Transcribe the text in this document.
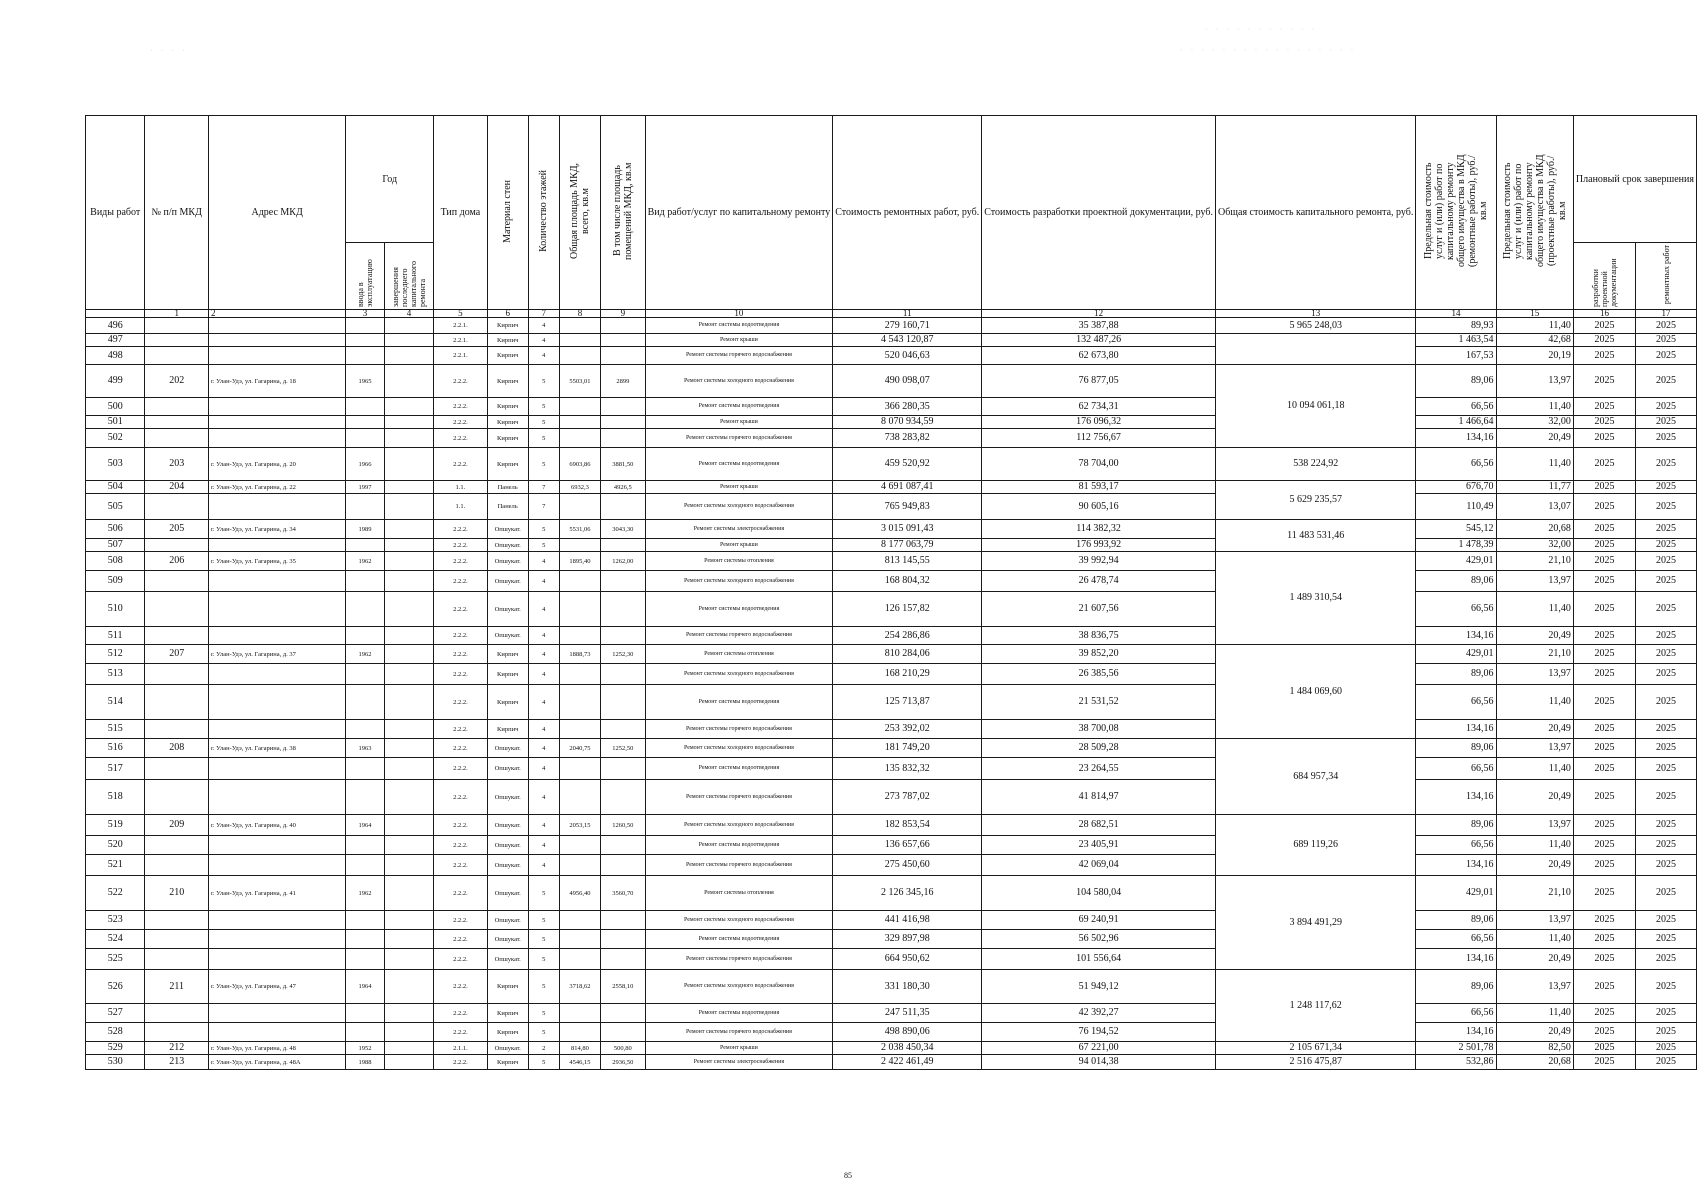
Виды работ	№ п/п МКД	Адрес МКД	Год		Тип дома	Материал стен	Количество этажей	Общая площадь МКД, всего, кв.м	В том числе площадь помещений МКД, кв.м	Вид работ/услуг по капитальному ремонту	Стоимость ремонтных работ, руб.	Стоимость разработки проектной документации, руб.	Общая стоимость капитального ремонта, руб.	Предельная стоимость услуг и (или) работ по капитальному ремонту общего имущества в МКД (ремонтные работы), руб./кв.м	Предельная стоимость услуг и (или) работ по капитальному ремонту общего имущества в МКД (проектные работы), руб./кв.м	Плановый срок завершения	
			ввода в эксплуатацию	завершения последнего капитального ремонта												разработки проектной документации	ремонтных работ
	1	2	3	4	5	6	7	8	9	10	11	12	13	14	15	16	17
496					2.2.1.	Кирпич	4			Ремонт системы водоотведения	279 160,71	35 387,88	5 965 248,03	89,93	11,40	2025	2025
497					2.2.1.	Кирпич	4			Ремонт крыши	4 543 120,87	132 487,26		1 463,54	42,68	2025	2025
498					2.2.1.	Кирпич	4			Ремонт системы горячего водоснабжения	520 046,63	62 673,80		167,53	20,19	2025	2025
499	202	г. Улан-Удэ, ул. Гагарина, д. 18	1965		2.2.2.	Кирпич	5	5503,01	2899	Ремонт системы холодного водоснабжения	490 098,07	76 877,05	10 094 061,18	89,06	13,97	2025	2025
500					2.2.2.	Кирпич	5			Ремонт системы водоотведения	366 280,35	62 734,31		66,56	11,40	2025	2025
501					2.2.2.	Кирпич	5			Ремонт крыши	8 070 934,59	176 096,32		1 466,64	32,00	2025	2025
502					2.2.2.	Кирпич	5			Ремонт системы горячего водоснабжения	738 283,82	112 756,67		134,16	20,49	2025	2025
503	203	г. Улан-Удэ, ул. Гагарина, д. 20	1966		2.2.2.	Кирпич	5	6903,86	3881,50	Ремонт системы водоотведения	459 520,92	78 704,00	538 224,92	66,56	11,40	2025	2025
504	204	г. Улан-Удэ, ул. Гагарина, д. 22	1997		1.1.	Панель	7	6932,3	4926,5	Ремонт крыши	4 691 087,41	81 593,17	5 629 235,57	676,70	11,77	2025	2025
505					1.1.	Панель	7			Ремонт системы холодного водоснабжения	765 949,83	90 605,16		110,49	13,07	2025	2025
506	205	г. Улан-Удэ, ул. Гагарина, д. 34	1989		2.2.2.	Опшукат.	5	5531,06	3043,30	Ремонт системы электроснабжения	3 015 091,43	114 382,32	11 483 531,46	545,12	20,68	2025	2025
507					2.2.2.	Опшукат.	5			Ремонт крыши	8 177 063,79	176 993,92		1 478,39	32,00	2025	2025
508	206	г. Улан-Удэ, ул. Гагарина, д. 35	1962		2.2.2.	Опшукат.	4	1895,40	1262,00	Ремонт системы отопления	813 145,55	39 992,94	1 489 310,54	429,01	21,10	2025	2025
509					2.2.2.	Опшукат.	4			Ремонт системы холодного водоснабжения	168 804,32	26 478,74		89,06	13,97	2025	2025
510					2.2.2.	Опшукат.	4			Ремонт системы водоотведения	126 157,82	21 607,56		66,56	11,40	2025	2025
511					2.2.2.	Опшукат.	4			Ремонт системы горячего водоснабжения	254 286,86	38 836,75		134,16	20,49	2025	2025
512	207	г. Улан-Удэ, ул. Гагарина, д. 37	1962		2.2.2.	Кирпич	4	1888,73	1252,30	Ремонт системы отопления	810 284,06	39 852,20	1 484 069,60	429,01	21,10	2025	2025
513					2.2.2.	Кирпич	4			Ремонт системы холодного водоснабжения	168 210,29	26 385,56		89,06	13,97	2025	2025
514					2.2.2.	Кирпич	4			Ремонт системы водоотведения	125 713,87	21 531,52		66,56	11,40	2025	2025
515					2.2.2.	Кирпич	4			Ремонт системы горячего водоснабжения	253 392,02	38 700,08		134,16	20,49	2025	2025
516	208	г. Улан-Удэ, ул. Гагарина, д. 38	1963		2.2.2.	Опшукат.	4	2040,75	1252,50	Ремонт системы холодного водоснабжения	181 749,20	28 509,28	684 957,34	89,06	13,97	2025	2025
517					2.2.2.	Опшукат.	4			Ремонт системы водоотведения	135 832,32	23 264,55		66,56	11,40	2025	2025
518					2.2.2.	Опшукат.	4			Ремонт системы горячего водоснабжения	273 787,02	41 814,97		134,16	20,49	2025	2025
519	209	г. Улан-Удэ, ул. Гагарина, д. 40	1964		2.2.2.	Опшукат.	4	2053,15	1260,50	Ремонт системы холодного водоснабжения	182 853,54	28 682,51	689 119,26	89,06	13,97	2025	2025
520					2.2.2.	Опшукат.	4			Ремонт системы водоотведения	136 657,66	23 405,91		66,56	11,40	2025	2025
521					2.2.2.	Опшукат.	4			Ремонт системы горячего водоснабжения	275 450,60	42 069,04		134,16	20,49	2025	2025
522	210	г. Улан-Удэ, ул. Гагарина, д. 41	1962		2.2.2.	Опшукат.	5	4956,40	3560,70	Ремонт системы отопления	2 126 345,16	104 580,04	3 894 491,29	429,01	21,10	2025	2025
523					2.2.2.	Опшукат.	5			Ремонт системы холодного водоснабжения	441 416,98	69 240,91		89,06	13,97	2025	2025
524					2.2.2.	Опшукат.	5			Ремонт системы водоотведения	329 897,98	56 502,96		66,56	11,40	2025	2025
525					2.2.2.	Опшукат.	5			Ремонт системы горячего водоснабжения	664 950,62	101 556,64		134,16	20,49	2025	2025
526	211	г. Улан-Удэ, ул. Гагарина, д. 47	1964		2.2.2.	Кирпич	5	3718,62	2558,10	Ремонт системы холодного водоснабжения	331 180,30	51 949,12	1 248 117,62	89,06	13,97	2025	2025
527					2.2.2.	Кирпич	5			Ремонт системы водоотведения	247 511,35	42 392,27		66,56	11,40	2025	2025
528					2.2.2.	Кирпич	5			Ремонт системы горячего водоснабжения	498 890,06	76 194,52		134,16	20,49	2025	2025
529	212	г. Улан-Удэ, ул. Гагарина, д. 48	1952		2.1.1.	Опшукат.	2	814,80	500,80	Ремонт крыши	2 038 450,34	67 221,00	2 105 671,34	2 501,78	82,50	2025	2025
530	213	г. Улан-Удэ, ул. Гагарина, д. 48А	1988		2.2.2.	Кирпич	5	4546,15	2936,50	Ремонт системы электроснабжения	2 422 461,49	94 014,38	2 516 475,87	532,86	20,68	2025	2025
· · · · · · · · · · ·
· · · · · · · · · · · · · · · · ·
· · · ·
85
